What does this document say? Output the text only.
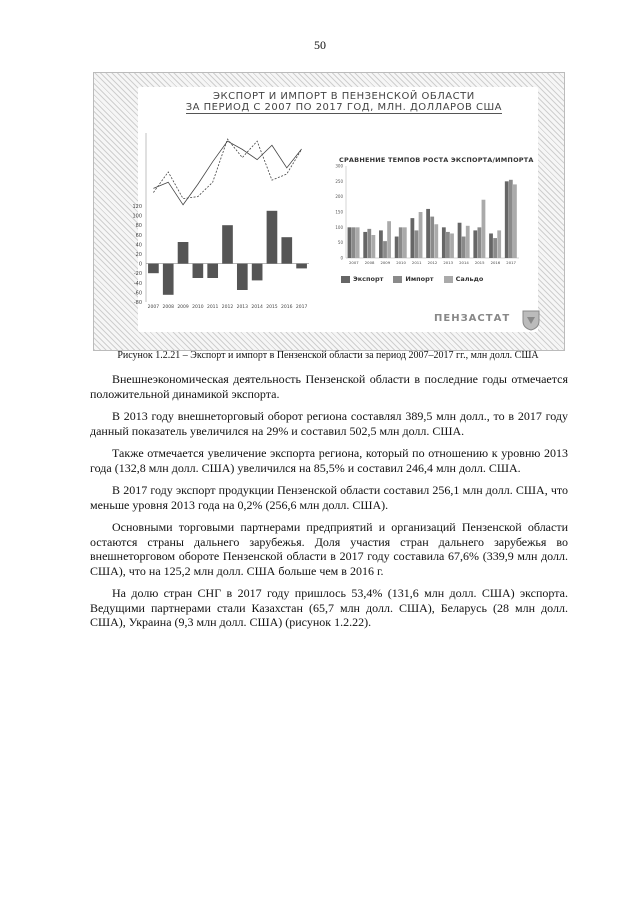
50
120
100
80
60
40
20
0
-20
-40
-60
-80
2007 2008 2009 2010 2011 2012 2013 2014 2015 2016 2017
300
250
200
150
100
50
0
2007 2008 2009 2010 2011 2012 2013 2014 2015 2016 2017
ЭКСПОРТ И ИМПОРТ В ПЕНЗЕНСКОЙ ОБЛАСТИ
ЗА ПЕРИОД С 2007 ПО 2017 ГОД, МЛН. ДОЛЛАРОВ США
СРАВНЕНИЕ ТЕМПОВ РОСТА ЭКСПОРТА/ИМПОРТА
Экспорт	Импорт	Сальдо
ПЕНЗАСТАТ
Рисунок 1.2.21 – Экспорт и импорт в Пензенской области за период 2007–2017 гг., млн долл. США

Внешнеэкономическая деятельность Пензенской области в последние годы отмечается положительной динамикой экспорта.

В 2013 году внешнеторговый оборот региона составлял 389,5 млн долл., то в 2017 году данный показатель увеличился на 29% и составил 502,5 млн долл. США.

Также отмечается увеличение экспорта региона, который по отношению к уровню 2013 года (132,8 млн долл. США) увеличился на 85,5% и составил 246,4 млн долл. США.

В 2017 году экспорт продукции Пензенской области составил 256,1 млн долл. США, что меньше уровня 2013 года на 0,2% (256,6 млн долл. США).

Основными торговыми партнерами предприятий и организаций Пензенской области остаются страны дальнего зарубежья. Доля участия стран дальнего зарубежья во внешнеторговом обороте Пензенской области в 2017 году составила 67,6% (339,9 млн долл. США), что на 125,2 млн долл. США больше чем в 2016 г.

На долю стран СНГ в 2017 году пришлось 53,4% (131,6 млн долл. США) экспорта. Ведущими партнерами стали Казахстан (65,7 млн долл. США), Беларусь (28 млн долл. США), Украина (9,3 млн долл. США) (рисунок 1.2.22).
